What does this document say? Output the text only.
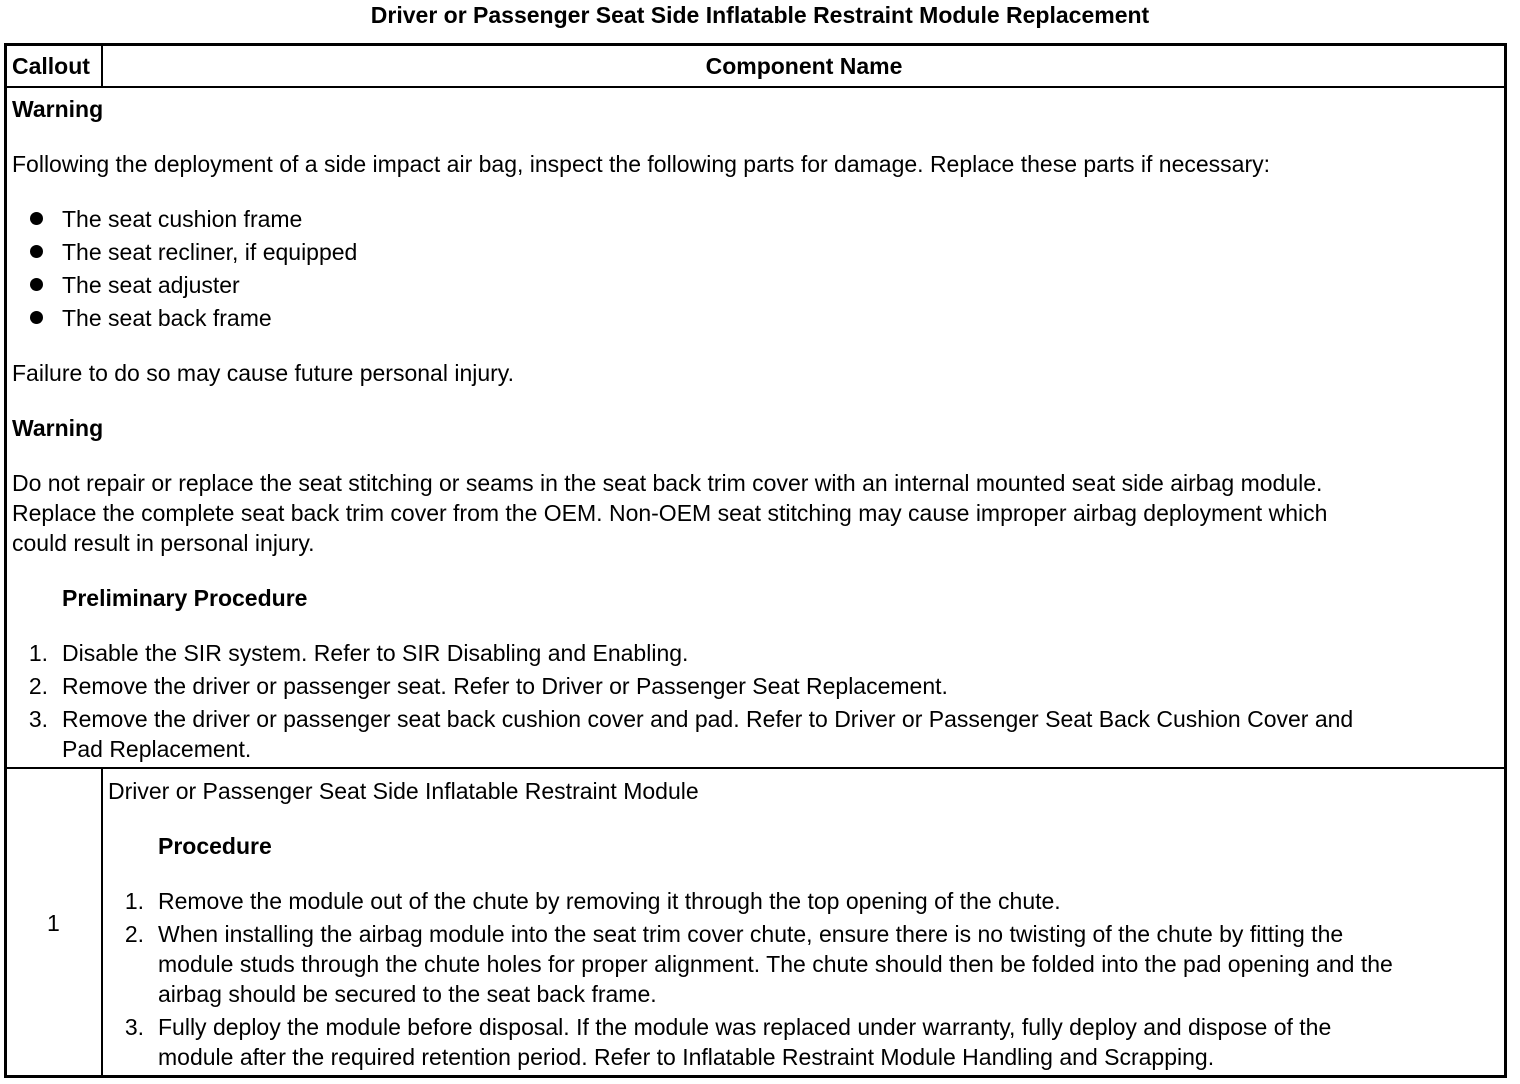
Driver or Passenger Seat Side Inflatable Restraint Module Replacement
Callout	Component Name
Warning
Following the deployment of a side impact air bag, inspect the following parts for damage. Replace these parts if necessary:
The seat cushion frame
The seat recliner, if equipped
The seat adjuster
The seat back frame
Failure to do so may cause future personal injury.
Warning
Do not repair or replace the seat stitching or seams in the seat back trim cover with an internal mounted seat side airbag module.
Replace the complete seat back trim cover from the OEM. Non-OEM seat stitching may cause improper airbag deployment which
could result in personal injury.
Preliminary Procedure
1. Disable the SIR system. Refer to SIR Disabling and Enabling.
2. Remove the driver or passenger seat. Refer to Driver or Passenger Seat Replacement.
3. Remove the driver or passenger seat back cushion cover and pad. Refer to Driver or Passenger Seat Back Cushion Cover and
Pad Replacement.
1
Driver or Passenger Seat Side Inflatable Restraint Module
Procedure
1. Remove the module out of the chute by removing it through the top opening of the chute.
2. When installing the airbag module into the seat trim cover chute, ensure there is no twisting of the chute by fitting the
module studs through the chute holes for proper alignment. The chute should then be folded into the pad opening and the
airbag should be secured to the seat back frame.
3. Fully deploy the module before disposal. If the module was replaced under warranty, fully deploy and dispose of the
module after the required retention period. Refer to Inflatable Restraint Module Handling and Scrapping.
